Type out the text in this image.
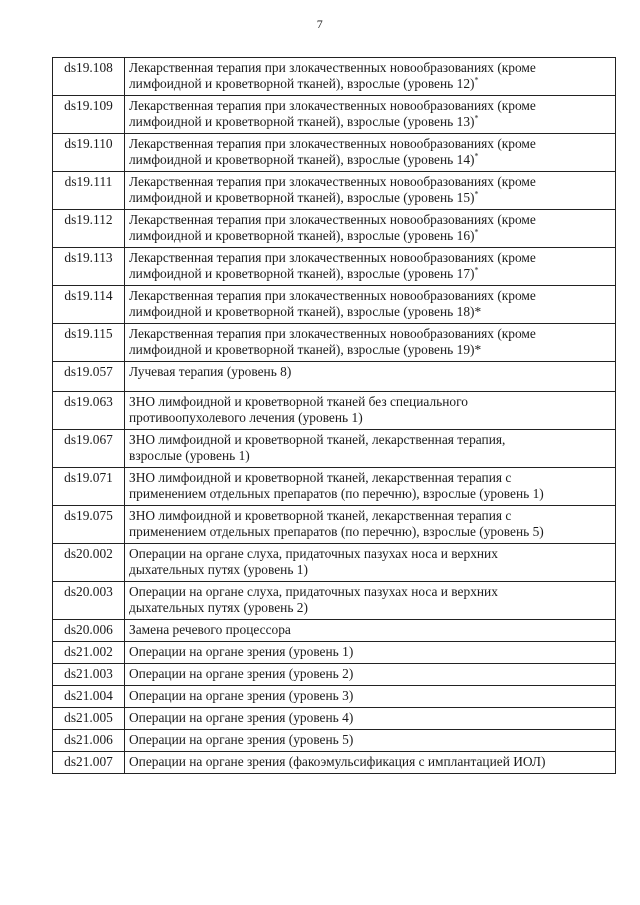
7
ds19.108	Лекарственная терапия при злокачественных новообразованиях (кроме
лимфоидной и кроветворной тканей), взрослые (уровень 12)*

ds19.109	Лекарственная терапия при злокачественных новообразованиях (кроме
лимфоидной и кроветворной тканей), взрослые (уровень 13)*

ds19.110	Лекарственная терапия при злокачественных новообразованиях (кроме
лимфоидной и кроветворной тканей), взрослые (уровень 14)*

ds19.111	Лекарственная терапия при злокачественных новообразованиях (кроме
лимфоидной и кроветворной тканей), взрослые (уровень 15)*

ds19.112	Лекарственная терапия при злокачественных новообразованиях (кроме
лимфоидной и кроветворной тканей), взрослые (уровень 16)*

ds19.113	Лекарственная терапия при злокачественных новообразованиях (кроме
лимфоидной и кроветворной тканей), взрослые (уровень 17)*

ds19.114	Лекарственная терапия при злокачественных новообразованиях (кроме
лимфоидной и кроветворной тканей), взрослые (уровень 18)*

ds19.115	Лекарственная терапия при злокачественных новообразованиях (кроме
лимфоидной и кроветворной тканей), взрослые (уровень 19)*

ds19.057	Лучевая терапия (уровень 8)

ds19.063	ЗНО лимфоидной и кроветворной тканей без специального
противоопухолевого лечения (уровень 1)

ds19.067	ЗНО лимфоидной и кроветворной тканей, лекарственная терапия,
взрослые (уровень 1)

ds19.071	ЗНО лимфоидной и кроветворной тканей, лекарственная терапия с
применением отдельных препаратов (по перечню), взрослые (уровень 1)

ds19.075	ЗНО лимфоидной и кроветворной тканей, лекарственная терапия с
применением отдельных препаратов (по перечню), взрослые (уровень 5)

ds20.002	Операции на органе слуха, придаточных пазухах носа и верхних
дыхательных путях (уровень 1)

ds20.003	Операции на органе слуха, придаточных пазухах носа и верхних
дыхательных путях (уровень 2)

ds20.006	Замена речевого процессора

ds21.002	Операции на органе зрения (уровень 1)

ds21.003	Операции на органе зрения (уровень 2)

ds21.004	Операции на органе зрения (уровень 3)

ds21.005	Операции на органе зрения (уровень 4)

ds21.006	Операции на органе зрения (уровень 5)

ds21.007	Операции на органе зрения (факоэмульсификация с имплантацией ИОЛ)
